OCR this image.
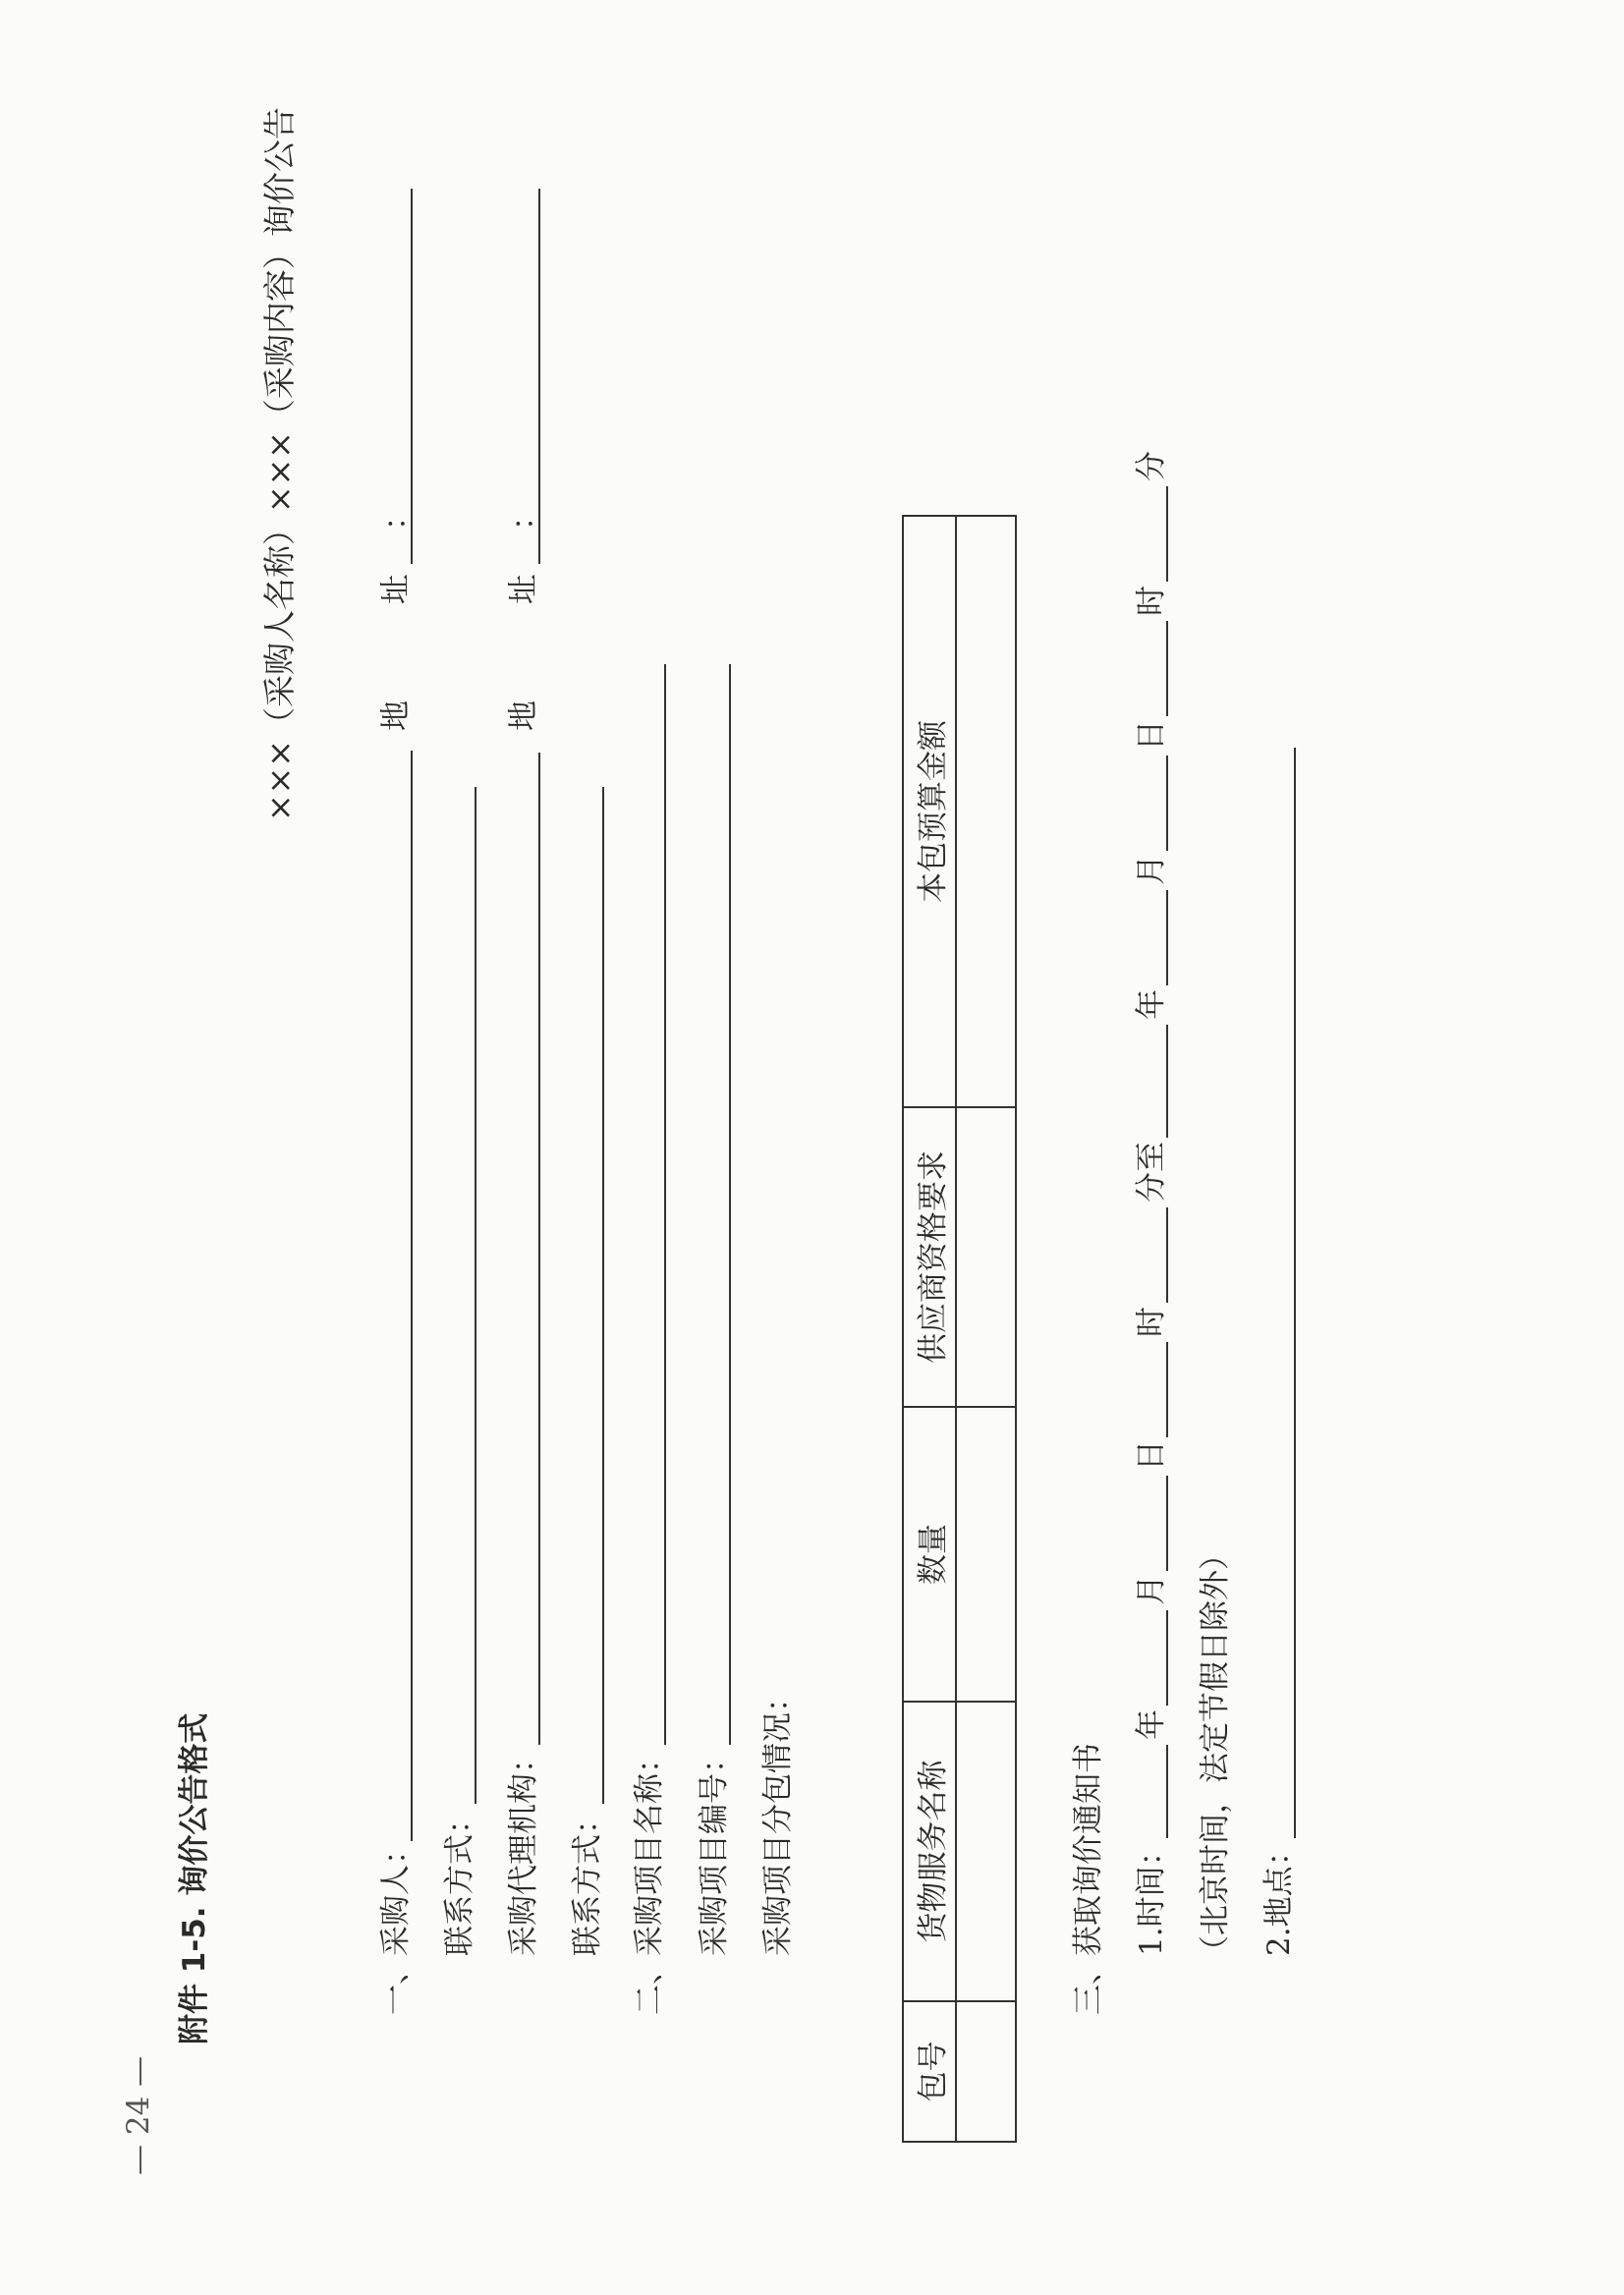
— 24 —
附件 1-5. 询价公告格式
×××（采购人名称）×××（采购内容）询价公告
一、
采购人：
地 址：
联系方式： 采购代理机构：
地 址：
联系方式：
二、
采购项目名称： 采购项目编号： 采购项目分包情况：
包号	货物服务名称	数量	供应商资格要求	本包预算金额

三、
获取询价通知书 1.时间：
年
月
日
时
分至
年
月
日
时
分
（北京时间，法定节假日除外） 2.地点：
